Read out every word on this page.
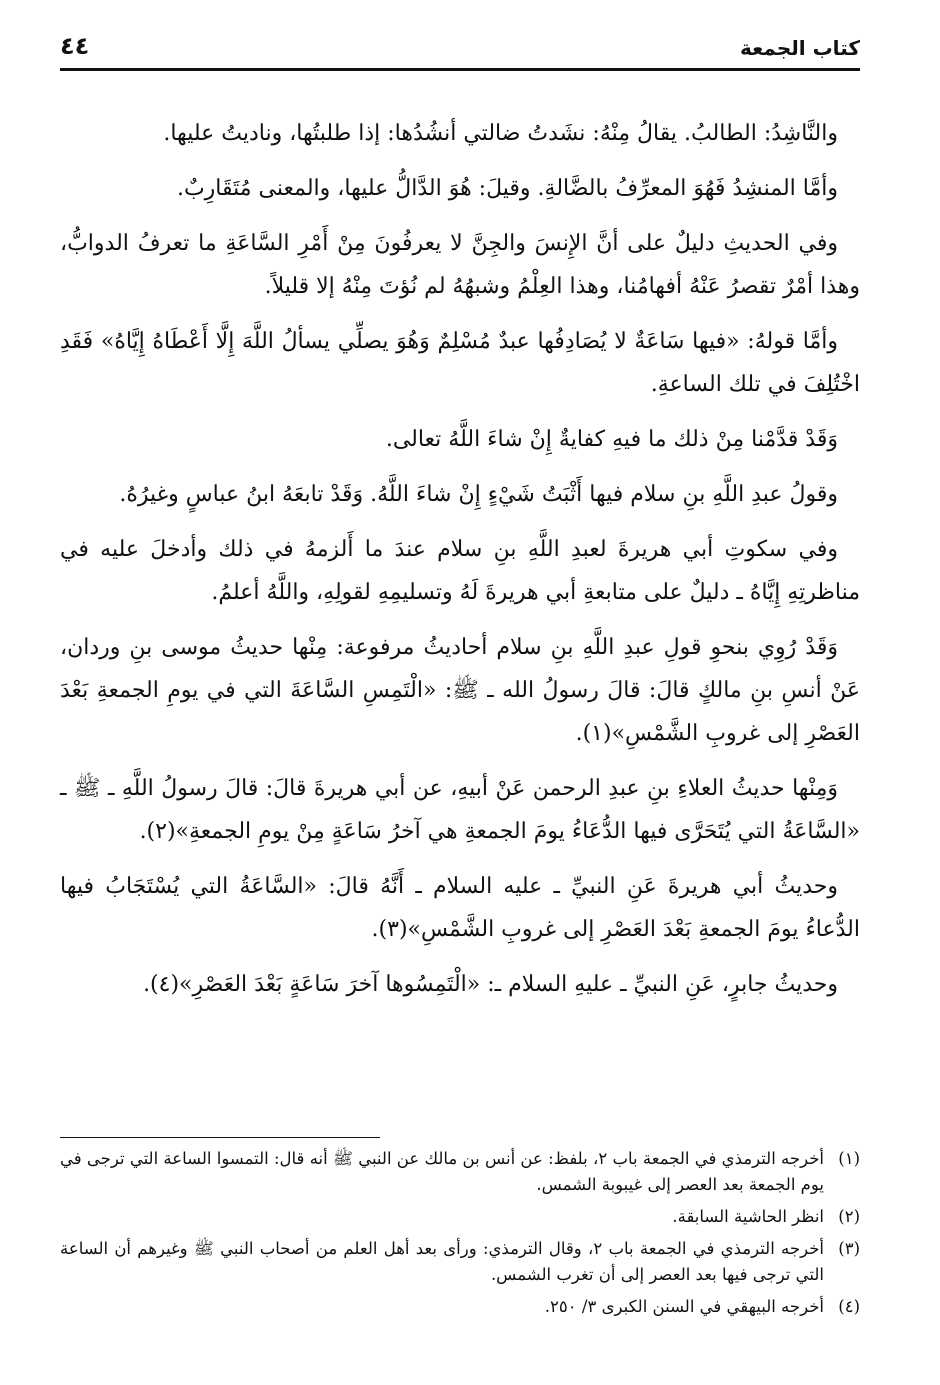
كتاب الجمعة
٤٤

والنَّاشِدُ: الطالبُ. يقالُ مِنْهُ: نشَدتُ ضالتي أنشُدُها: إذا طلبتُها، وناديتُ عليها.

وأمَّا المنشِدُ فَهُوَ المعرِّفُ بالضَّالةِ. وقيلَ: هُوَ الدَّالُّ عليها، والمعنى مُتَقَارِبٌ.

وفي الحديثِ دليلٌ على أنَّ الإِنسَ والجِنَّ لا يعرفُونَ مِنْ أَمْرِ السَّاعَةِ ما تعرفُ الدوابُّ، وهذا أمْرٌ تقصرُ عَنْهُ أفهامُنا، وهذا العِلْمُ وشبهُهُ لم نُؤتَ مِنْهُ إلا قليلاً.

وأمَّا قولهُ: «فيها سَاعَةٌ لا يُصَادِفُها عبدٌ مُسْلِمٌ وَهُوَ يصلِّي يسألُ اللَّهَ إِلَّا أَعْطَاهُ إِيَّاهُ» فَقَدِ اخْتُلِفَ في تلك الساعةِ.

وَقَدْ قدَّمْنا مِنْ ذلك ما فيهِ كفايةٌ إِنْ شاءَ اللَّهُ تعالى.

وقولُ عبدِ اللَّهِ بنِ سلام فيها أَثْبَتُ شَيْءٍ إِنْ شاءَ اللَّهُ. وَقَدْ تابعَهُ ابنُ عباسٍ وغيرُهُ.

وفي سكوتِ أبي هريرةَ لعبدِ اللَّهِ بنِ سلام عندَ ما أَلزمهُ في ذلك وأدخلَ عليه في مناظرتِهِ إِيَّاهُ ـ دليلٌ على متابعةِ أبي هريرةَ لَهُ وتسليمِهِ لقولِهِ، واللَّهُ أعلمُ.

وَقَدْ رُوِي بنحوِ قولِ عبدِ اللَّهِ بنِ سلام أحاديثُ مرفوعة: مِنْها حديثُ موسى بنِ وردان، عَنْ أنسِ بنِ مالكٍ قالَ: قالَ رسولُ الله ـ ﷺ: «الْتَمِسِ السَّاعَةَ التي في يومِ الجمعةِ بَعْدَ العَصْرِ إلى غروبِ الشَّمْسِ»(١).

وَمِنْها حديثُ العلاءِ بنِ عبدِ الرحمن عَنْ أبيهِ، عن أبي هريرةَ قالَ: قالَ رسولُ اللَّهِ ـ ﷺ ـ «السَّاعَةُ التي يُتَحَرَّى فيها الدُّعَاءُ يومَ الجمعةِ هي آخرُ سَاعَةٍ مِنْ يومِ الجمعةِ»(٢).

وحديثُ أبي هريرةَ عَنِ النبيِّ ـ عليه السلام ـ أَنَّهُ قالَ: «السَّاعَةُ التي يُسْتَجَابُ فيها الدُّعاءُ يومَ الجمعةِ بَعْدَ العَصْرِ إلى غروبِ الشَّمْسِ»(٣).

وحديثُ جابرٍ، عَنِ النبيِّ ـ عليهِ السلام ـ: «الْتَمِسُوها آخرَ سَاعَةٍ بَعْدَ العَصْرِ»(٤).

(١)أخرجه الترمذي في الجمعة باب ٢، بلفظ: عن أنس بن مالك عن النبي ﷺ أنه قال: التمسوا الساعة التي ترجى في يوم الجمعة بعد العصر إلى غيبوبة الشمس.

(٢)انظر الحاشية السابقة.

(٣)أخرجه الترمذي في الجمعة باب ٢، وقال الترمذي: ورأى بعد أهل العلم من أصحاب النبي ﷺ وغيرهم أن الساعة التي ترجى فيها بعد العصر إلى أن تغرب الشمس.

(٤)أخرجه البيهقي في السنن الكبرى ٣/ ٢٥٠.
